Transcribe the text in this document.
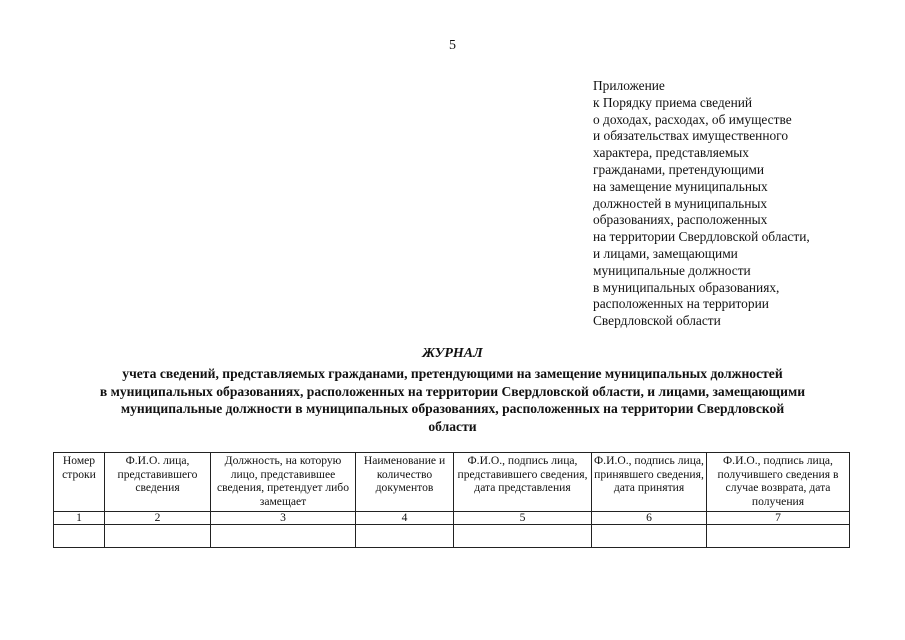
5
Приложение
к Порядку приема сведений
о доходах, расходах, об имуществе
и обязательствах имущественного
характера, представляемых
гражданами, претендующими
на замещение муниципальных
должностей в муниципальных
образованиях, расположенных
на территории Свердловской области,
и лицами, замещающими
муниципальные должности
в муниципальных образованиях,
расположенных на территории
Свердловской области
ЖУРНАЛ
учета сведений, представляемых гражданами, претендующими на замещение муниципальных должностей
в муниципальных образованиях, расположенных на территории Свердловской области, и лицами, замещающими
муниципальные должности в муниципальных образованиях, расположенных на территории Свердловской
области
Номер строки	Ф.И.О. лица, представившего сведения	Должность, на которую лицо, представившее сведения, претендует либо замещает	Наименование и количество документов	Ф.И.О., подпись лица, представившего сведения, дата представления	Ф.И.О., подпись лица, принявшего сведения, дата принятия	Ф.И.О., подпись лица, получившего сведения в случае возврата, дата получения
1	2	3	4	5	6	7
